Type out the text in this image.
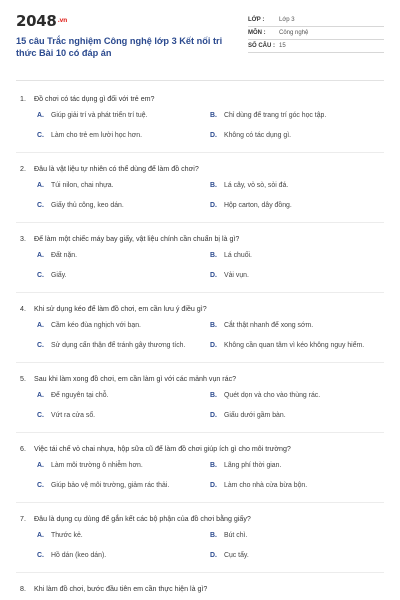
2048.vn
15 câu Trắc nghiệm Công nghệ lớp 3 Kết nối tri thức Bài 10 có đáp án
LỚP :	Lớp 3
MÔN :	Công nghệ
SỐ CÂU : 15
1.	Đồ chơi có tác dụng gì đối với trẻ em?
A.	Giúp giải trí và phát triển trí tuệ.	B.	Chỉ dùng để trang trí góc học tập.
C.	Làm cho trẻ em lười học hơn.	D.	Không có tác dụng gì.
2.	Đâu là vật liệu tự nhiên có thể dùng để làm đồ chơi?
A.	Túi nilon, chai nhựa.	B.	Lá cây, vỏ sò, sỏi đá.
C.	Giấy thủ công, keo dán.	D.	Hộp carton, dây đồng.
3.	Để làm một chiếc máy bay giấy, vật liệu chính cần chuẩn bị là gì?
A.	Đất nặn.	B.	Lá chuối.
C.	Giấy.	D.	Vải vụn.
4.	Khi sử dụng kéo để làm đồ chơi, em cần lưu ý điều gì?
A.	Cầm kéo đùa nghịch với bạn.	B.	Cắt thật nhanh để xong sớm.
C.	Sử dụng cẩn thận để tránh gây thương tích.	D.	Không cần quan tâm vì kéo không nguy hiểm.
5.	Sau khi làm xong đồ chơi, em cần làm gì với các mảnh vụn rác?
A.	Để nguyên tại chỗ.	B.	Quét dọn và cho vào thùng rác.
C.	Vứt ra cửa sổ.	D.	Giấu dưới gầm bàn.
6.	Việc tái chế vỏ chai nhựa, hộp sữa cũ để làm đồ chơi giúp ích gì cho môi trường?
A.	Làm môi trường ô nhiễm hơn.	B.	Lãng phí thời gian.
C.	Giúp bảo vệ môi trường, giảm rác thải.	D.	Làm cho nhà cửa bừa bộn.
7.	Đâu là dụng cụ dùng để gắn kết các bộ phận của đồ chơi bằng giấy?
A.	Thước kẻ.	B.	Bút chì.
C.	Hồ dán (keo dán).	D.	Cục tẩy.
8.	Khi làm đồ chơi, bước đầu tiên em cần thực hiện là gì?
